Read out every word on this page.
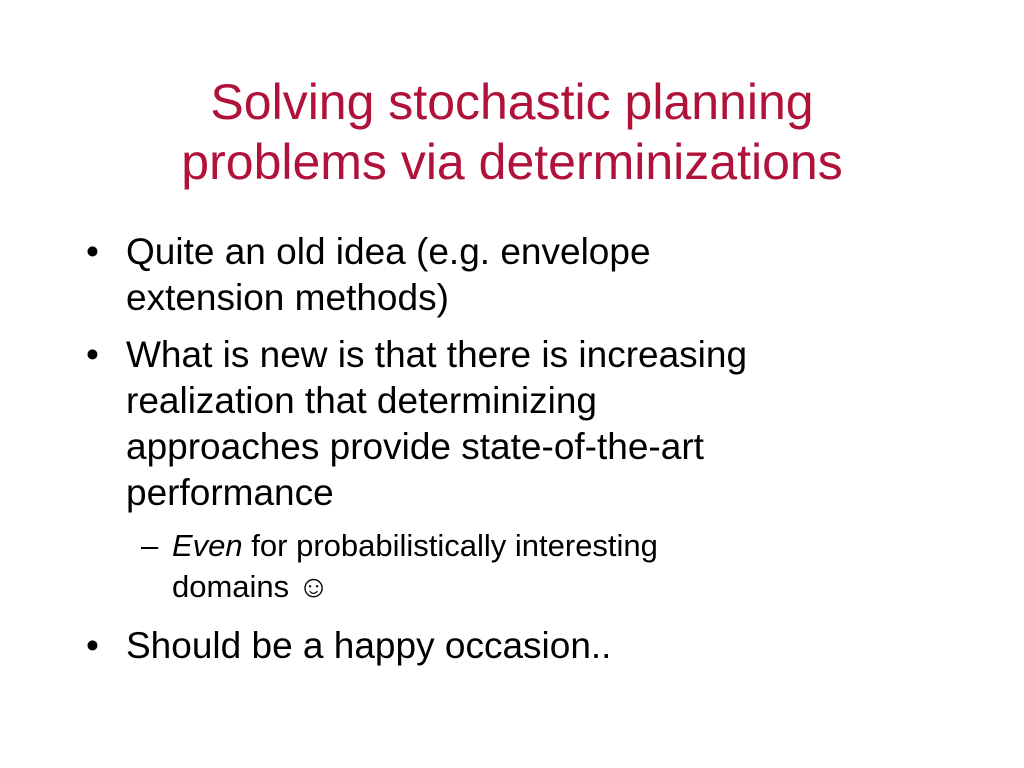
Solving stochastic planning
problems via determinizations
• Quite an old idea (e.g. envelope
extension methods)
• What is new is that there is increasing
realization that determinizing
approaches provide state-of-the-art
performance
– Even for probabilistically interesting
domains ☺
• Should be a happy occasion..
